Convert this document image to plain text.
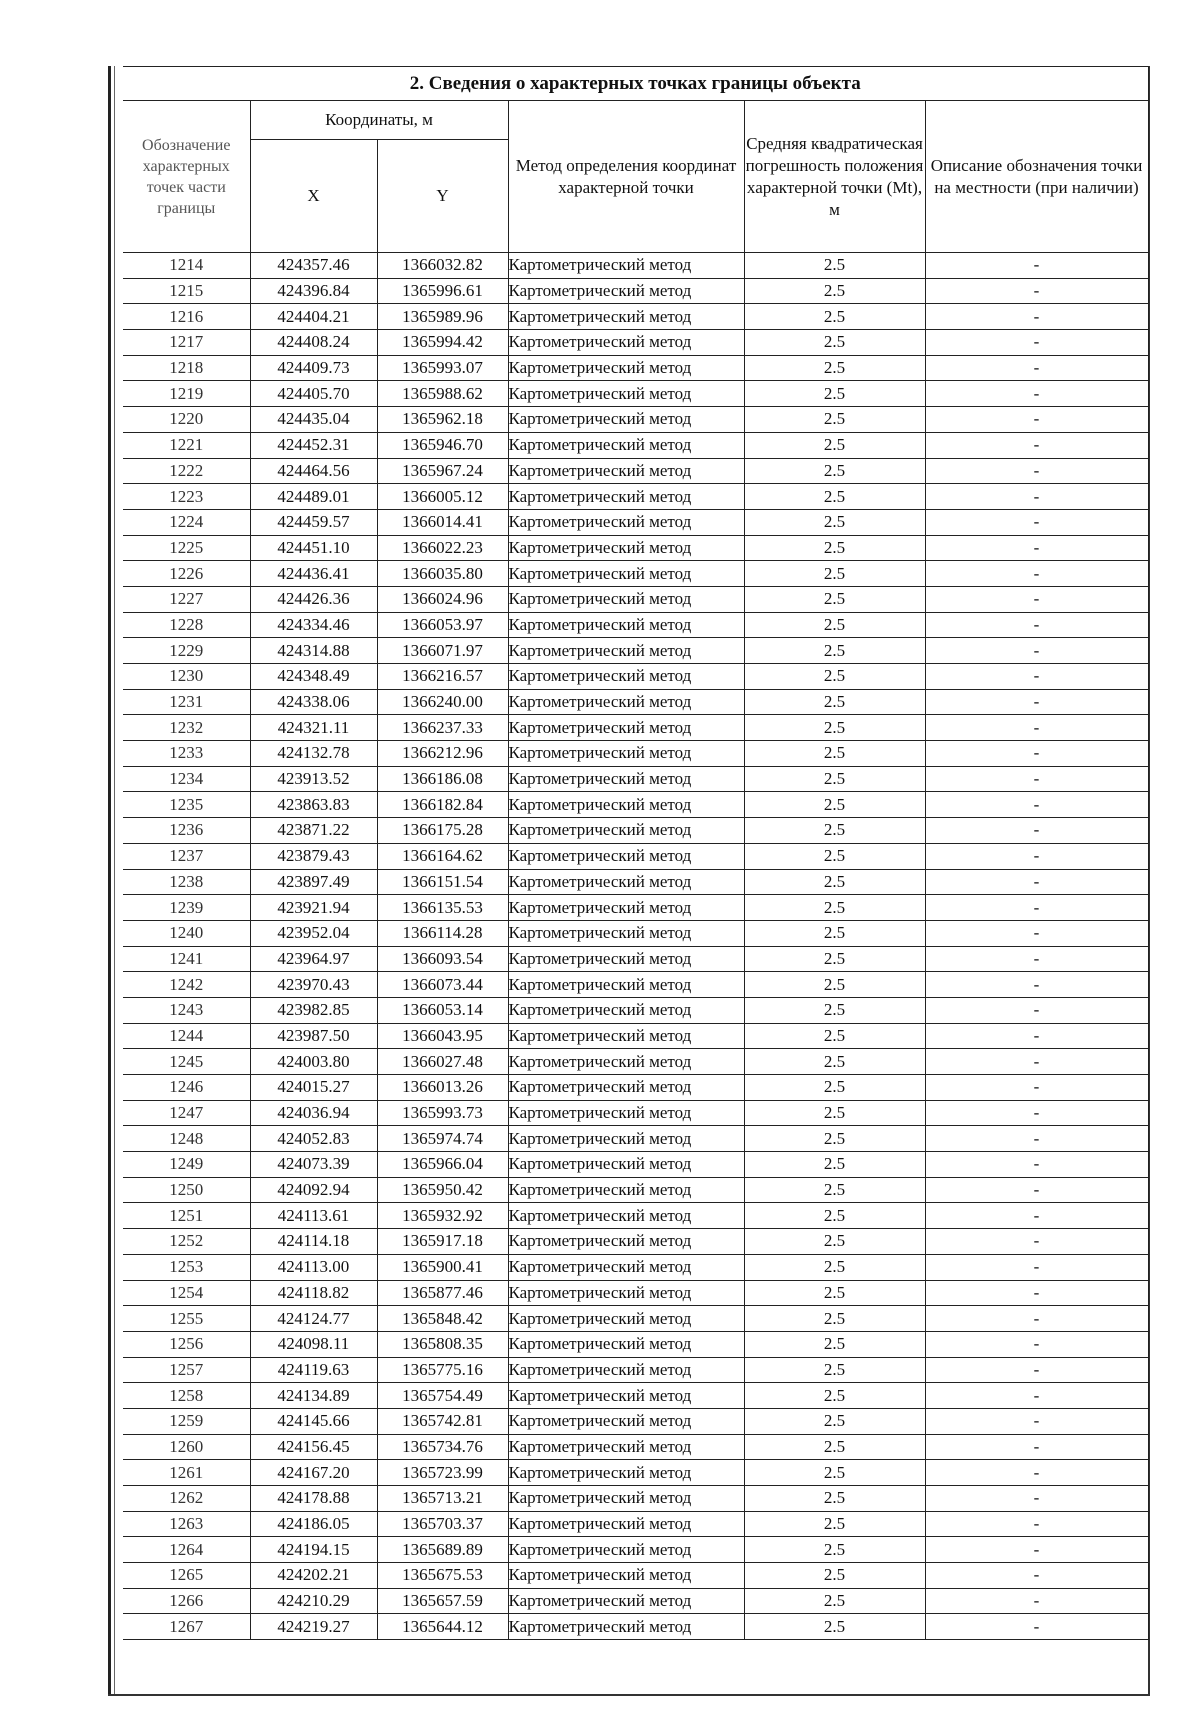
2. Сведения о характерных точках границы объекта					
Обозначение характерных точек части границы	Координаты, м		Метод определения координат характерной точки	Средняя квадратическая погрешность положения характерной точки (Mt), м	Описание обозначения точки на местности (при наличии)
	X	Y			
1214	424357.46	1366032.82	Картометрический метод	2.5	-
1215	424396.84	1365996.61	Картометрический метод	2.5	-
1216	424404.21	1365989.96	Картометрический метод	2.5	-
1217	424408.24	1365994.42	Картометрический метод	2.5	-
1218	424409.73	1365993.07	Картометрический метод	2.5	-
1219	424405.70	1365988.62	Картометрический метод	2.5	-
1220	424435.04	1365962.18	Картометрический метод	2.5	-
1221	424452.31	1365946.70	Картометрический метод	2.5	-
1222	424464.56	1365967.24	Картометрический метод	2.5	-
1223	424489.01	1366005.12	Картометрический метод	2.5	-
1224	424459.57	1366014.41	Картометрический метод	2.5	-
1225	424451.10	1366022.23	Картометрический метод	2.5	-
1226	424436.41	1366035.80	Картометрический метод	2.5	-
1227	424426.36	1366024.96	Картометрический метод	2.5	-
1228	424334.46	1366053.97	Картометрический метод	2.5	-
1229	424314.88	1366071.97	Картометрический метод	2.5	-
1230	424348.49	1366216.57	Картометрический метод	2.5	-
1231	424338.06	1366240.00	Картометрический метод	2.5	-
1232	424321.11	1366237.33	Картометрический метод	2.5	-
1233	424132.78	1366212.96	Картометрический метод	2.5	-
1234	423913.52	1366186.08	Картометрический метод	2.5	-
1235	423863.83	1366182.84	Картометрический метод	2.5	-
1236	423871.22	1366175.28	Картометрический метод	2.5	-
1237	423879.43	1366164.62	Картометрический метод	2.5	-
1238	423897.49	1366151.54	Картометрический метод	2.5	-
1239	423921.94	1366135.53	Картометрический метод	2.5	-
1240	423952.04	1366114.28	Картометрический метод	2.5	-
1241	423964.97	1366093.54	Картометрический метод	2.5	-
1242	423970.43	1366073.44	Картометрический метод	2.5	-
1243	423982.85	1366053.14	Картометрический метод	2.5	-
1244	423987.50	1366043.95	Картометрический метод	2.5	-
1245	424003.80	1366027.48	Картометрический метод	2.5	-
1246	424015.27	1366013.26	Картометрический метод	2.5	-
1247	424036.94	1365993.73	Картометрический метод	2.5	-
1248	424052.83	1365974.74	Картометрический метод	2.5	-
1249	424073.39	1365966.04	Картометрический метод	2.5	-
1250	424092.94	1365950.42	Картометрический метод	2.5	-
1251	424113.61	1365932.92	Картометрический метод	2.5	-
1252	424114.18	1365917.18	Картометрический метод	2.5	-
1253	424113.00	1365900.41	Картометрический метод	2.5	-
1254	424118.82	1365877.46	Картометрический метод	2.5	-
1255	424124.77	1365848.42	Картометрический метод	2.5	-
1256	424098.11	1365808.35	Картометрический метод	2.5	-
1257	424119.63	1365775.16	Картометрический метод	2.5	-
1258	424134.89	1365754.49	Картометрический метод	2.5	-
1259	424145.66	1365742.81	Картометрический метод	2.5	-
1260	424156.45	1365734.76	Картометрический метод	2.5	-
1261	424167.20	1365723.99	Картометрический метод	2.5	-
1262	424178.88	1365713.21	Картометрический метод	2.5	-
1263	424186.05	1365703.37	Картометрический метод	2.5	-
1264	424194.15	1365689.89	Картометрический метод	2.5	-
1265	424202.21	1365675.53	Картометрический метод	2.5	-
1266	424210.29	1365657.59	Картометрический метод	2.5	-
1267	424219.27	1365644.12	Картометрический метод	2.5	-
